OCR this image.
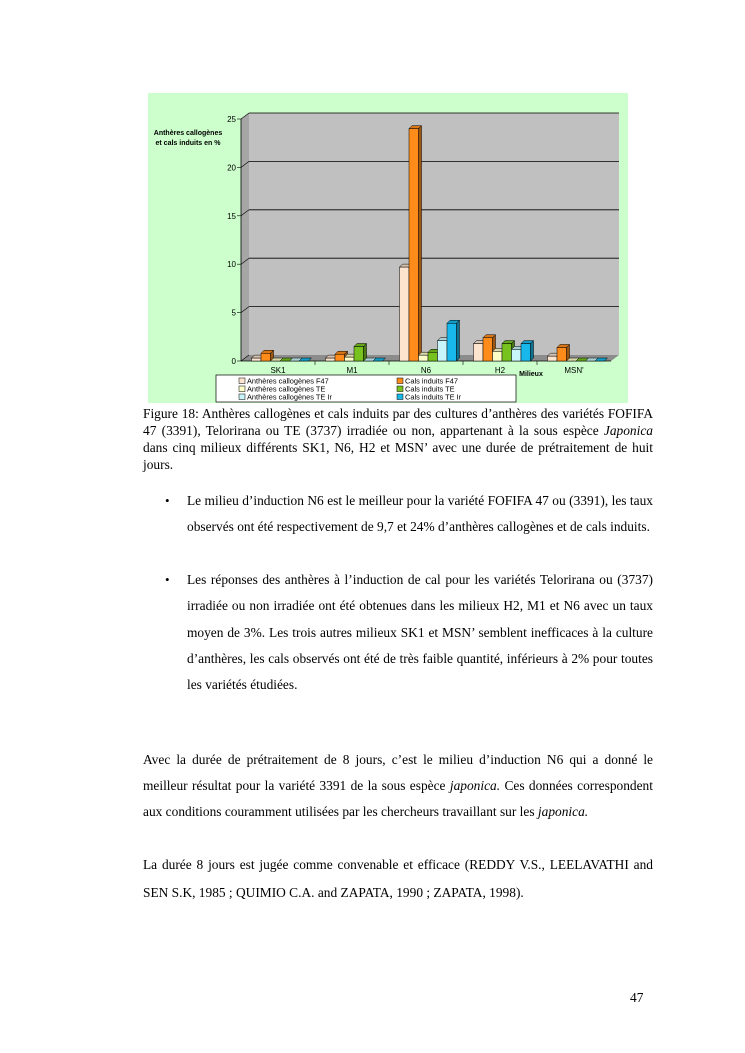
Anthères callogènes
et cals induits en %
0
5
10
15
20
25
SK1	M1	N6	H2	MSN'
Milieux
Anthères callogènes F47	Cals induits F47
Anthères callogènes TE	Cals induits TE
Anthères callogènes TE Ir	Cals induits TE Ir
Figure 18: Anthères callogènes et cals induits par des cultures d’anthères des variétés FOFIFA 47 (3391), Telorirana ou TE (3737) irradiée ou non, appartenant à la sous espèce Japonica dans cinq milieux différents SK1, N6, H2 et MSN’ avec une durée de prétraitement de huit jours.
• Le milieu d’induction N6 est le meilleur pour la variété FOFIFA 47 ou (3391), les taux observés ont été respectivement de 9,7 et 24% d’anthères callogènes et de cals induits.
• Les réponses des anthères à l’induction de cal pour les variétés Telorirana ou (3737) irradiée ou non irradiée ont été obtenues dans les milieux H2, M1 et N6 avec un taux moyen de 3%. Les trois autres milieux SK1 et MSN’ semblent inefficaces à la culture d’anthères, les cals observés ont été de très faible quantité, inférieurs à 2% pour toutes les variétés étudiées.
Avec la durée de prétraitement de 8 jours, c’est le milieu d’induction N6 qui a donné le meilleur résultat pour la variété 3391 de la sous espèce japonica. Ces données correspondent aux conditions couramment utilisées par les chercheurs travaillant sur les japonica.
La durée 8 jours est jugée comme convenable et efficace (REDDY V.S., LEELAVATHI and SEN S.K, 1985 ; QUIMIO C.A. and ZAPATA, 1990 ; ZAPATA, 1998).
47
